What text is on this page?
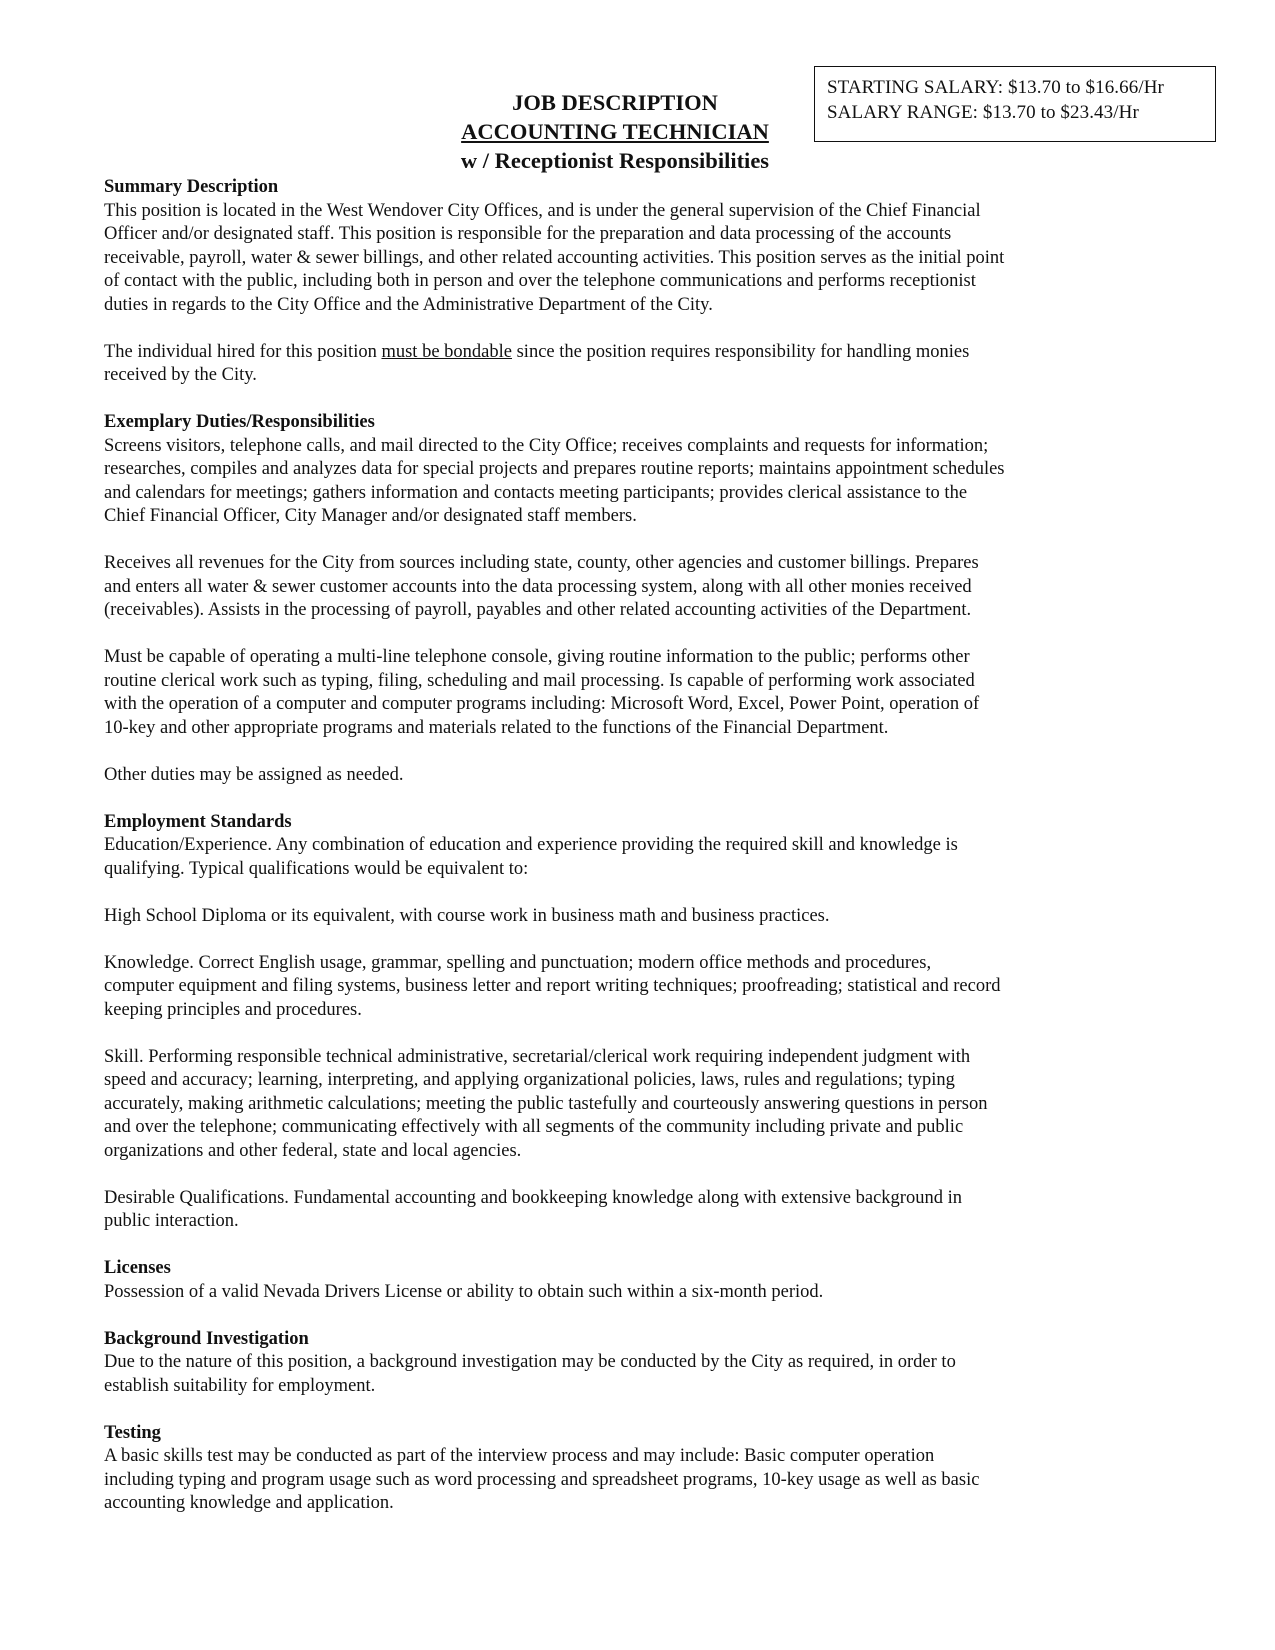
STARTING SALARY: $13.70 to $16.66/Hr
SALARY RANGE: $13.70 to $23.43/Hr
JOB DESCRIPTION
ACCOUNTING TECHNICIAN
w / Receptionist Responsibilities

Summary Description

This position is located in the West Wendover City Offices, and is under the general supervision of the Chief Financial

Officer and/or designated staff. This position is responsible for the preparation and data processing of the accounts

receivable, payroll, water & sewer billings, and other related accounting activities. This position serves as the initial point

of contact with the public, including both in person and over the telephone communications and performs receptionist

duties in regards to the City Office and the Administrative Department of the City.

The individual hired for this position must be bondable since the position requires responsibility for handling monies

received by the City.

Exemplary Duties/Responsibilities

Screens visitors, telephone calls, and mail directed to the City Office; receives complaints and requests for information;

researches, compiles and analyzes data for special projects and prepares routine reports; maintains appointment schedules

and calendars for meetings; gathers information and contacts meeting participants; provides clerical assistance to the

Chief Financial Officer, City Manager and/or designated staff members.

Receives all revenues for the City from sources including state, county, other agencies and customer billings. Prepares

and enters all water & sewer customer accounts into the data processing system, along with all other monies received

(receivables). Assists in the processing of payroll, payables and other related accounting activities of the Department.

Must be capable of operating a multi-line telephone console, giving routine information to the public; performs other

routine clerical work such as typing, filing, scheduling and mail processing. Is capable of performing work associated

with the operation of a computer and computer programs including: Microsoft Word, Excel, Power Point, operation of

10-key and other appropriate programs and materials related to the functions of the Financial Department.

Other duties may be assigned as needed.

Employment Standards

Education/Experience. Any combination of education and experience providing the required skill and knowledge is

qualifying. Typical qualifications would be equivalent to:

High School Diploma or its equivalent, with course work in business math and business practices.

Knowledge. Correct English usage, grammar, spelling and punctuation; modern office methods and procedures,

computer equipment and filing systems, business letter and report writing techniques; proofreading; statistical and record

keeping principles and procedures.

Skill. Performing responsible technical administrative, secretarial/clerical work requiring independent judgment with

speed and accuracy; learning, interpreting, and applying organizational policies, laws, rules and regulations; typing

accurately, making arithmetic calculations; meeting the public tastefully and courteously answering questions in person

and over the telephone; communicating effectively with all segments of the community including private and public

organizations and other federal, state and local agencies.

Desirable Qualifications. Fundamental accounting and bookkeeping knowledge along with extensive background in

public interaction.

Licenses

Possession of a valid Nevada Drivers License or ability to obtain such within a six-month period.

Background Investigation

Due to the nature of this position, a background investigation may be conducted by the City as required, in order to

establish suitability for employment.

Testing

A basic skills test may be conducted as part of the interview process and may include: Basic computer operation

including typing and program usage such as word processing and spreadsheet programs, 10-key usage as well as basic

accounting knowledge and application.
